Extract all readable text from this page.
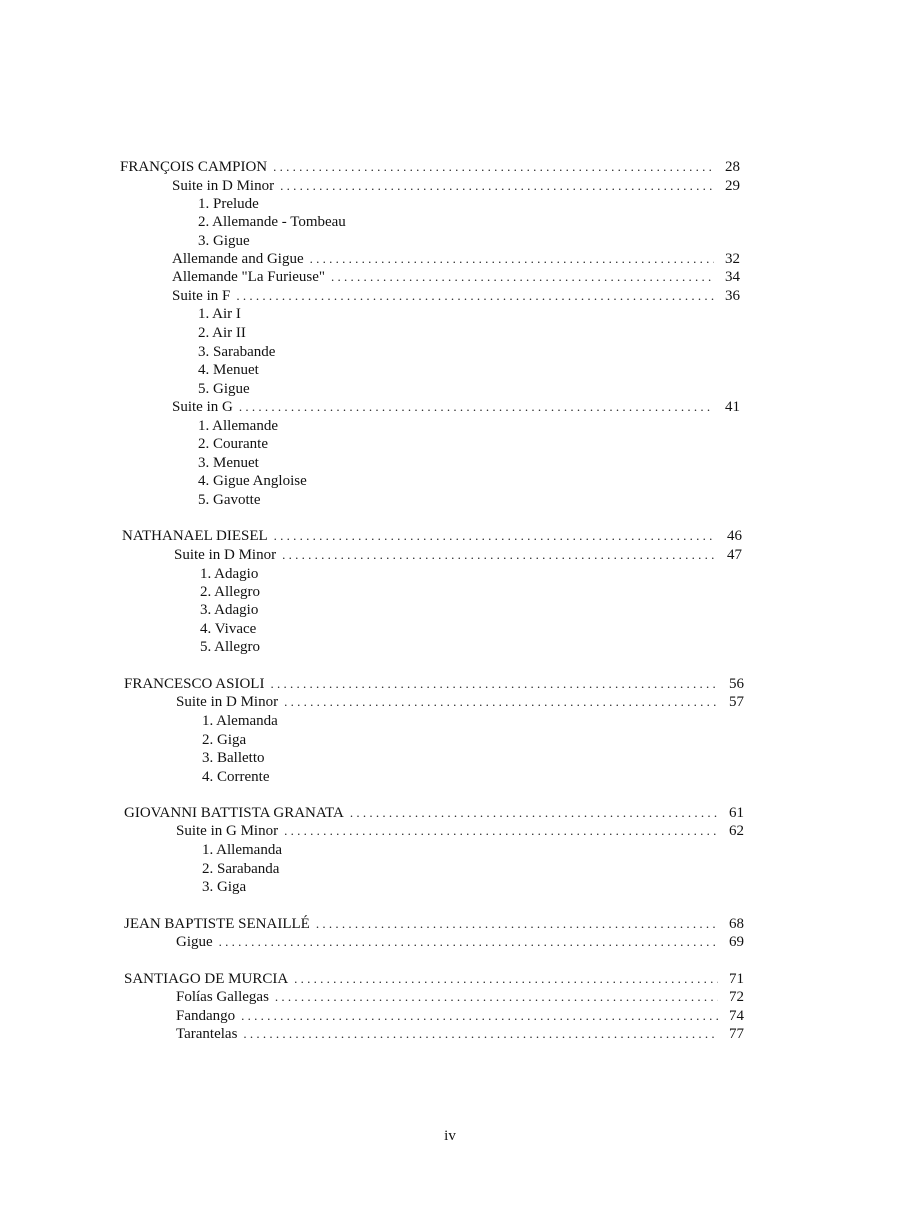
FRANÇOIS CAMPION . . .	28
Suite in D Minor . . .	29
1. Prelude
2. Allemande - Tombeau
3. Gigue
Allemande and Gigue . . .	32
Allemande "La Furieuse" . . .	34
Suite in F . . .	36
1. Air I
2. Air II
3. Sarabande
4. Menuet
5. Gigue
Suite in G . . .	41
1. Allemande
2. Courante
3. Menuet
4. Gigue Angloise
5. Gavotte
NATHANAEL DIESEL . . .	46
Suite in D Minor . . .	47
1. Adagio
2. Allegro
3. Adagio
4. Vivace
5. Allegro
FRANCESCO ASIOLI . . .	56
Suite in D Minor . . .	57
1. Alemanda
2. Giga
3. Balletto
4. Corrente
GIOVANNI BATTISTA GRANATA . . .	61
Suite in G Minor . . .	62
1. Allemanda
2. Sarabanda
3. Giga
JEAN BAPTISTE SENAILLÉ . . .	68
Gigue . . .	69
SANTIAGO DE MURCIA . . .	71
Folías Gallegas . . .	72
Fandango . . .	74
Tarantelas . . .	77
iv
